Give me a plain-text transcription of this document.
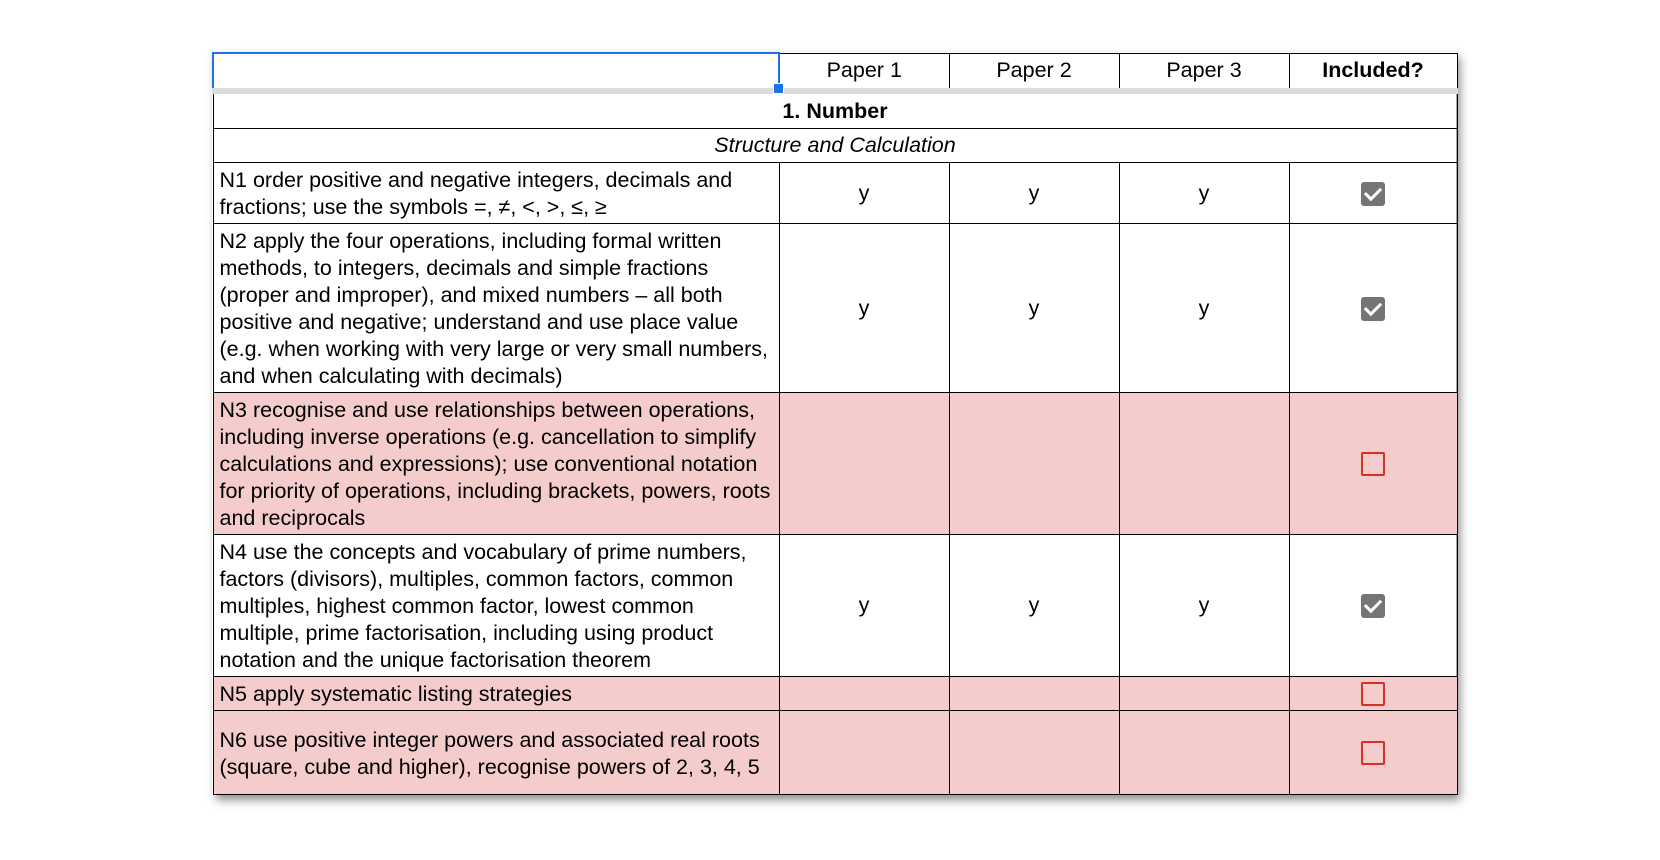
	Paper 1	Paper 2	Paper 3	Included?
1. Number				
Structure and Calculation				
N1 order positive and negative integers, decimals and fractions; use the symbols =, ≠, <, >, ≤, ≥	y	y	y	
N2 apply the four operations, including formal written methods, to integers, decimals and simple fractions (proper and improper), and mixed numbers – all both positive and negative; understand and use place value (e.g. when working with very large or very small numbers, and when calculating with decimals)	y	y	y	
N3 recognise and use relationships between operations, including inverse operations (e.g. cancellation to simplify calculations and expressions); use conventional notation for priority of operations, including brackets, powers, roots and reciprocals				
N4 use the concepts and vocabulary of prime numbers, factors (divisors), multiples, common factors, common multiples, highest common factor, lowest common multiple, prime factorisation, including using product notation and the unique factorisation theorem	y	y	y	
N5 apply systematic listing strategies				
N6 use positive integer powers and associated real roots (square, cube and higher), recognise powers of 2, 3, 4, 5				
